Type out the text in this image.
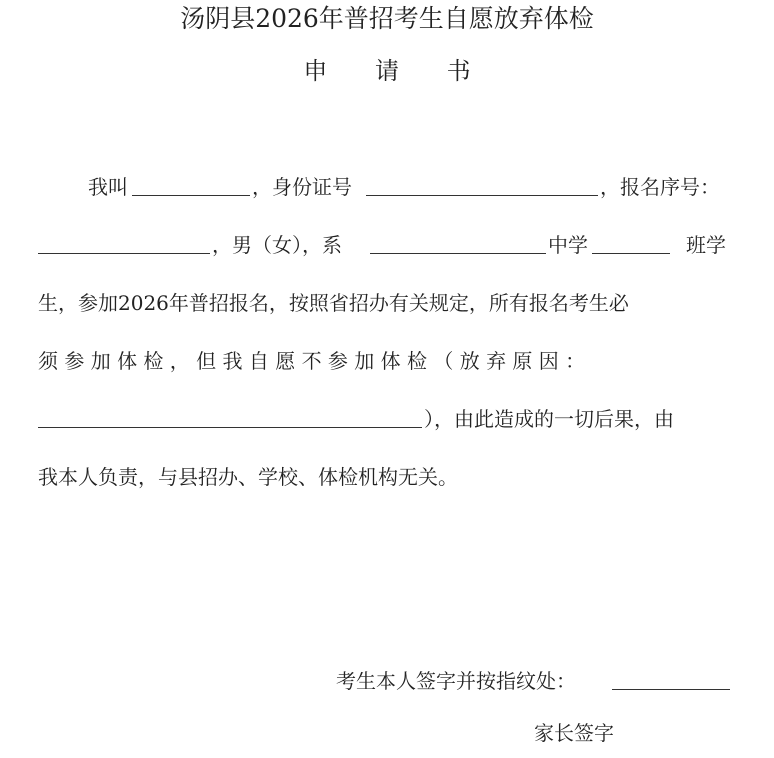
汤阴县2026年普招考生自愿放弃体检
申 请 书
我叫	，身份证号	，报名序号：
，男（女），系	中学	班学
生，参加2026年普招报名，按照省招办有关规定，所有报名考生必
须 参 加 体 检 ， 但 我 自 愿 不 参 加 体 检 （ 放 弃 原 因 ：
），由此造成的一切后果，由
我本人负责，与县招办、学校、体检机构无关。
考生本人签字并按指纹处：
家长签字
